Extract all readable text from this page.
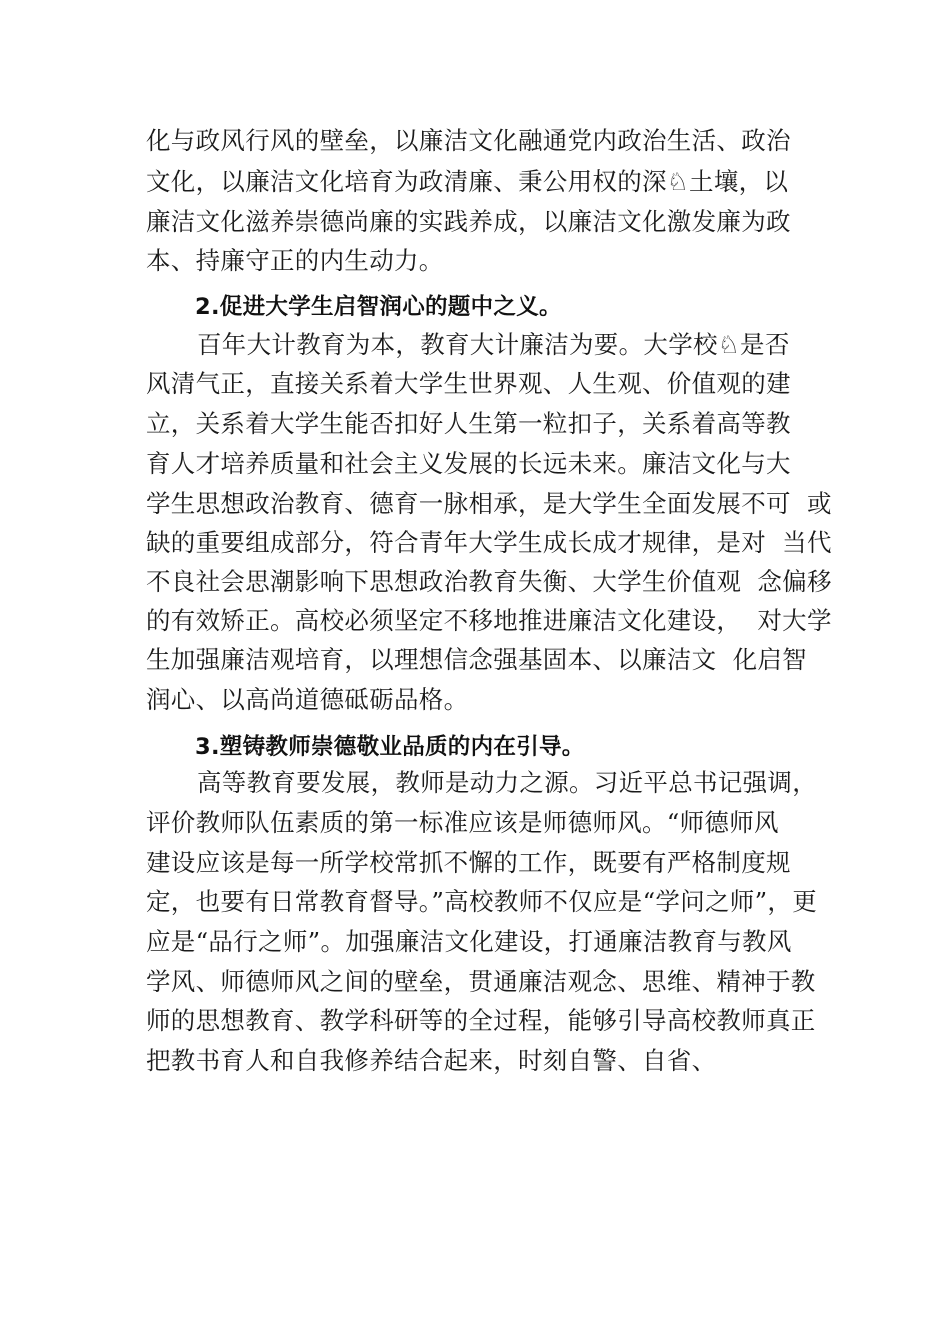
化与政风行风的壁垒，以廉洁文化融通党内政治生活、政治
文化，以廉洁文化培育为政清廉、秉公用权的深♘土壤，以
廉洁文化滋养崇德尚廉的实践养成，以廉洁文化激发廉为政
本、持廉守正的内生动力。
2.促进大学生启智润心的题中之义。
百年大计教育为本，教育大计廉洁为要。大学校♘是否
风清气正，直接关系着大学生世界观、人生观、价值观的建
立，关系着大学生能否扣好人生第一粒扣子，关系着高等教
育人才培养质量和社会主义发展的长远未来。廉洁文化与大
学生思想政治教育、德育一脉相承，是大学生全面发展不可  或
缺的重要组成部分，符合青年大学生成长成才规律，是对  当代
不良社会思潮影响下思想政治教育失衡、大学生价值观  念偏移
的有效矫正。高校必须坚定不移地推进廉洁文化建设，  对大学
生加强廉洁观培育，以理想信念强基固本、以廉洁文  化启智
润心、以高尚道德砥砺品格。
3.塑铸教师崇德敬业品质的内在引导。
高等教育要发展，教师是动力之源。习近平总书记强调，
评价教师队伍素质的第一标准应该是师德师风。“师德师风
建设应该是每一所学校常抓不懈的工作，既要有严格制度规
定，也要有日常教育督导。”高校教师不仅应是“学问之师”，更
应是“品行之师”。加强廉洁文化建设，打通廉洁教育与教风
学风、师德师风之间的壁垒，贯通廉洁观念、思维、精神于教
师的思想教育、教学科研等的全过程，能够引导高校教师真正
把教书育人和自我修养结合起来，时刻自警、自省、
